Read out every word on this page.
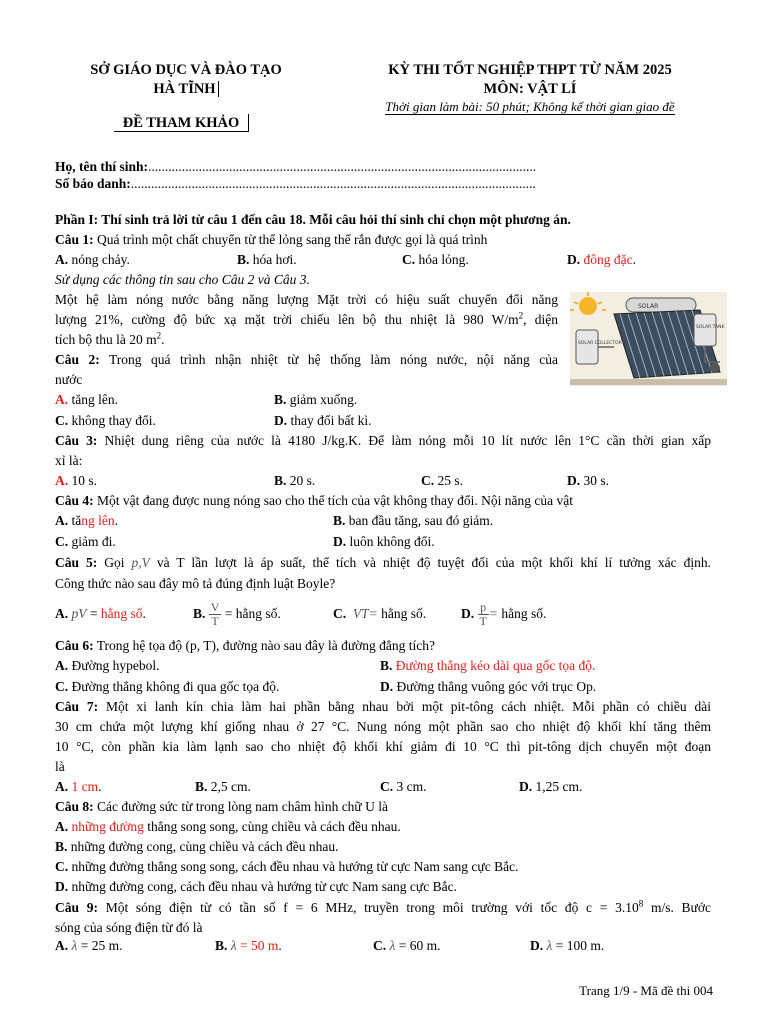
SỞ GIÁO DỤC VÀ ĐÀO TẠO
HÀ TĨNH
ĐỀ THAM KHẢO
KỲ THI TỐT NGHIỆP THPT TỪ NĂM 2025
MÔN: VẬT LÍ
Thời gian làm bài: 50 phút; Không kể thời gian giao đề
Họ, tên thí sinh:...................................................................................................................
Số báo danh:........................................................................................................................
Phần I: Thí sinh trả lời từ câu 1 đến câu 18. Mỗi câu hỏi thí sinh chỉ chọn một phương án.
Câu 1: Quá trình một chất chuyển từ thể lỏng sang thể rắn được gọi là quá trình
A. nóng chảy.	B. hóa hơi.	C. hóa lỏng.	D. đông đặc.
Sử dụng các thông tin sau cho Câu 2 và Câu 3.
Một hệ làm nóng nước bằng năng lượng Mặt trời có hiệu suất chuyển đổi năng
lượng 21%, cường độ bức xạ mặt trời chiếu lên bộ thu nhiệt là 980 $W/m^2$, diện
tích bộ thu là 20 $m^2$.
SOLAR
SOLAR COLLECTOR
SOLAR TANK
Câu 2: Trong quá trình nhận nhiệt từ hệ thống làm nóng nước, nội năng của
nước
A. tăng lên.	B. giảm xuống.
C. không thay đổi.	D. thay đổi bất kì.
Câu 3: Nhiệt dung riêng của nước là 4180 J/kg.K. Để làm nóng mỗi 10 lít nước lên 1°C cần thời gian xấp
xỉ là:
A. 10 s.	B. 20 s.	C. 25 s.	D. 30 s.
Câu 4: Một vật đang được nung nóng sao cho thể tích của vật không thay đổi. Nội năng của vật
A. tăng lên.	B. ban đầu tăng, sau đó giảm.
C. giảm đi.	D. luôn không đổi.
Câu 5: Gọi p,V và T lần lượt là áp suất, thể tích và nhiệt độ tuyệt đối của một khối khí lí tưởng xác định.
Công thức nào sau đây mô tả đúng định luật Boyle?
A. pV = hằng số.	B. $\frac{V}{T}$ = hằng số.	C. VT= hằng số.	D. $\frac{p}{T}$ = hằng số.
Câu 6: Trong hệ tọa độ (p, T), đường nào sau đây là đường đẳng tích?
A. Đường hypebol.	B. Đường thẳng kéo dài qua gốc tọa độ.
C. Đường thẳng không đi qua gốc tọa độ.	D. Đường thẳng vuông góc với trục Op.
Câu 7: Một xi lanh kín chia làm hai phần bằng nhau bởi một pit-tông cách nhiệt. Mỗi phần có chiều dài
30 cm chứa một lượng khí giống nhau ở 27 °C. Nung nóng một phần sao cho nhiệt độ khối khí tăng thêm
10 °C, còn phần kia làm lạnh sao cho nhiệt độ khối khí giảm đi 10 °C thì pit-tông dịch chuyển một đoạn
là
A. 1 cm.	B. 2,5 cm.	C. 3 cm.	D. 1,25 cm.
Câu 8: Các đường sức từ trong lòng nam châm hình chữ U là
A. những đường thẳng song song, cùng chiều và cách đều nhau.
B. những đường cong, cùng chiều và cách đều nhau.
C. những đường thẳng song song, cách đều nhau và hướng từ cực Nam sang cực Bắc.
D. những đường cong, cách đều nhau và hướng từ cực Nam sang cực Bắc.
Câu 9: Một sóng điện từ có tần số f = 6 MHz, truyền trong môi trường với tốc độ $c = 3.10^8$ m/s. Bước
sóng của sóng điện từ đó là
A. λ = 25 m.	B. λ = 50 m.	C. λ = 60 m.	D. λ = 100 m.
Trang 1/9 - Mã đề thi 004
